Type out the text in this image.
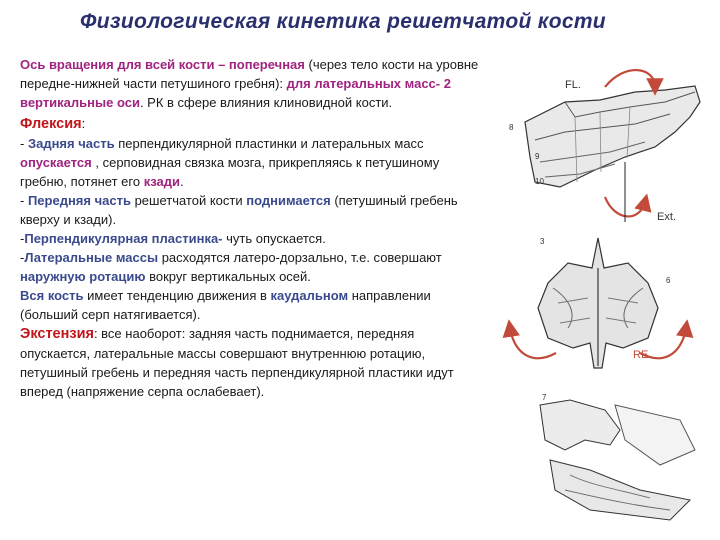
Физиологическая кинетика решетчатой кости

Ось вращения для всей кости – поперечная (через тело кости на уровне передне-нижней части петушиного гребня): для латеральных масс- 2 вертикальные оси. РК в сфере влияния клиновидной кости.

Флексия:

- Задняя часть перпендикулярной пластинки и латеральных масс опускается , серповидная связка мозга, прикрепляясь к петушиному гребню, потянет его кзади.

- Передняя часть решетчатой кости поднимается (петушиный гребень кверху и кзади).

-Перпендикулярная пластинка- чуть опускается.

-Латеральные массы расходятся латеро-дорзально, т.е. совершают наружную ротацию вокруг вертикальных осей.

Вся кость имеет тенденцию движения в каудальном направлении (больший серп натягивается).

Экстензия: все наоборот: задняя часть поднимается, передняя опускается, латеральные массы совершают внутреннюю ротацию, петушиный гребень и передняя часть перпендикулярной пластики идут вперед (напряжение серпа ослабевает).

FL.
Ext.
8
9
10
3
6
RE
7
